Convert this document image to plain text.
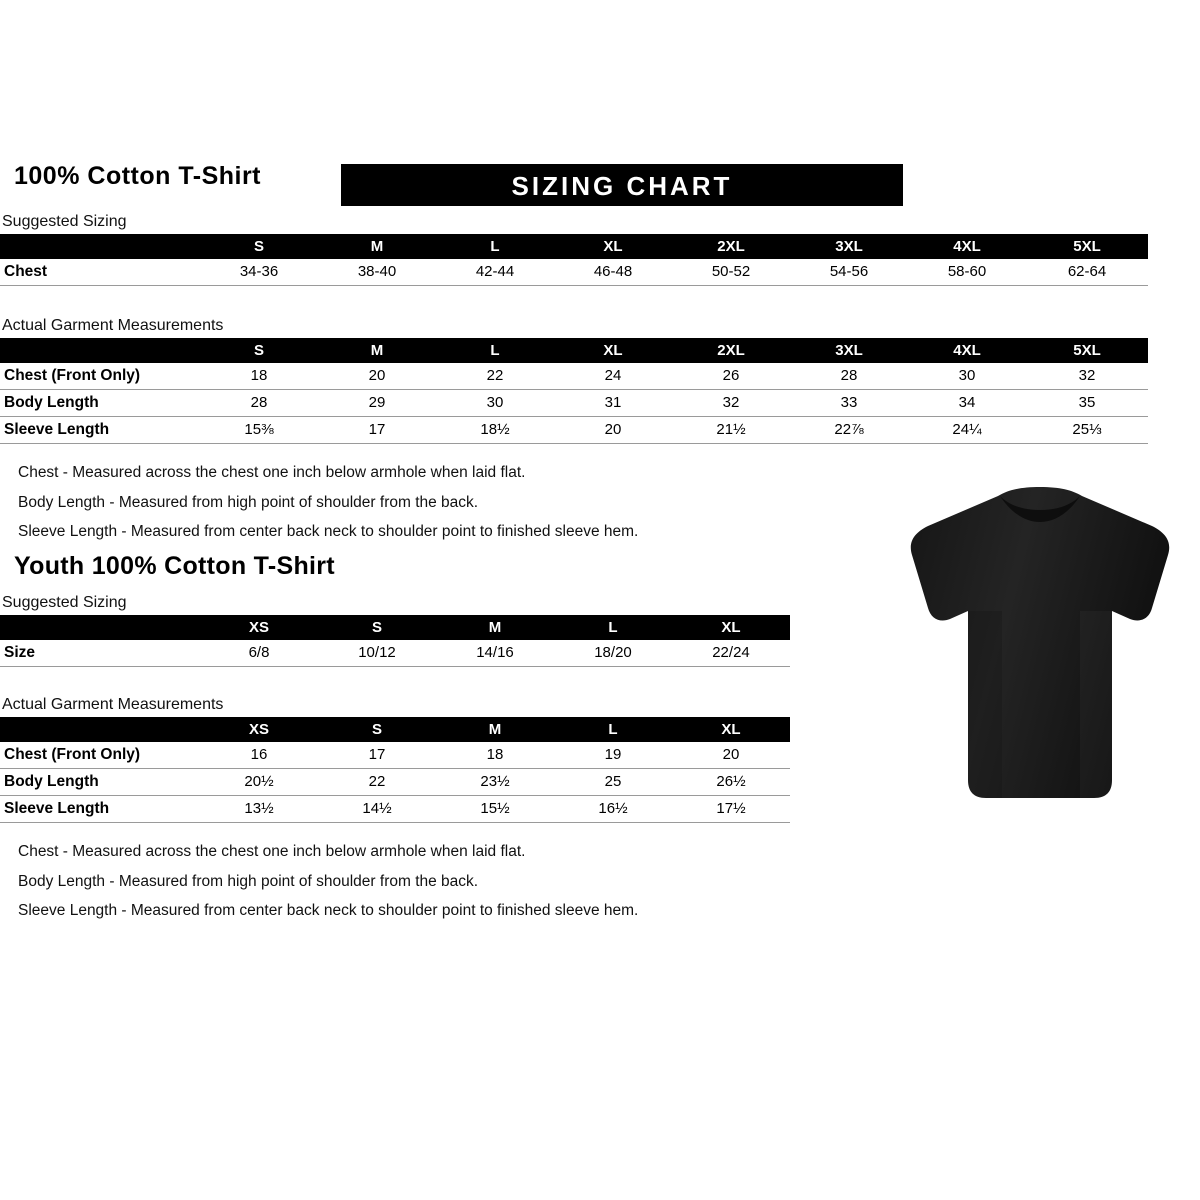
100% Cotton T-Shirt	SIZING CHART
Suggested Sizing
	S	M	L	XL	2XL	3XL	4XL	5XL
Chest	34-36	38-40	42-44	46-48	50-52	54-56	58-60	62-64
Actual Garment Measurements
	S	M	L	XL	2XL	3XL	4XL	5XL
Chest (Front Only)	18	20	22	24	26	28	30	32
Body Length	28	29	30	31	32	33	34	35
Sleeve Length	15⅜	17	18½	20	21½	22⅞	24¼	25⅓
Chest - Measured across the chest one inch below armhole when laid flat.
Body Length - Measured from high point of shoulder from the back.
Sleeve Length - Measured from center back neck to shoulder point to finished sleeve hem.
Youth 100% Cotton T-Shirt
Suggested Sizing
	XS	S	M	L	XL
Size	6/8	10/12	14/16	18/20	22/24
Actual Garment Measurements
	XS	S	M	L	XL
Chest (Front Only)	16	17	18	19	20
Body Length	20½	22	23½	25	26½
Sleeve Length	13½	14½	15½	16½	17½
Chest - Measured across the chest one inch below armhole when laid flat.
Body Length - Measured from high point of shoulder from the back.
Sleeve Length - Measured from center back neck to shoulder point to finished sleeve hem.
